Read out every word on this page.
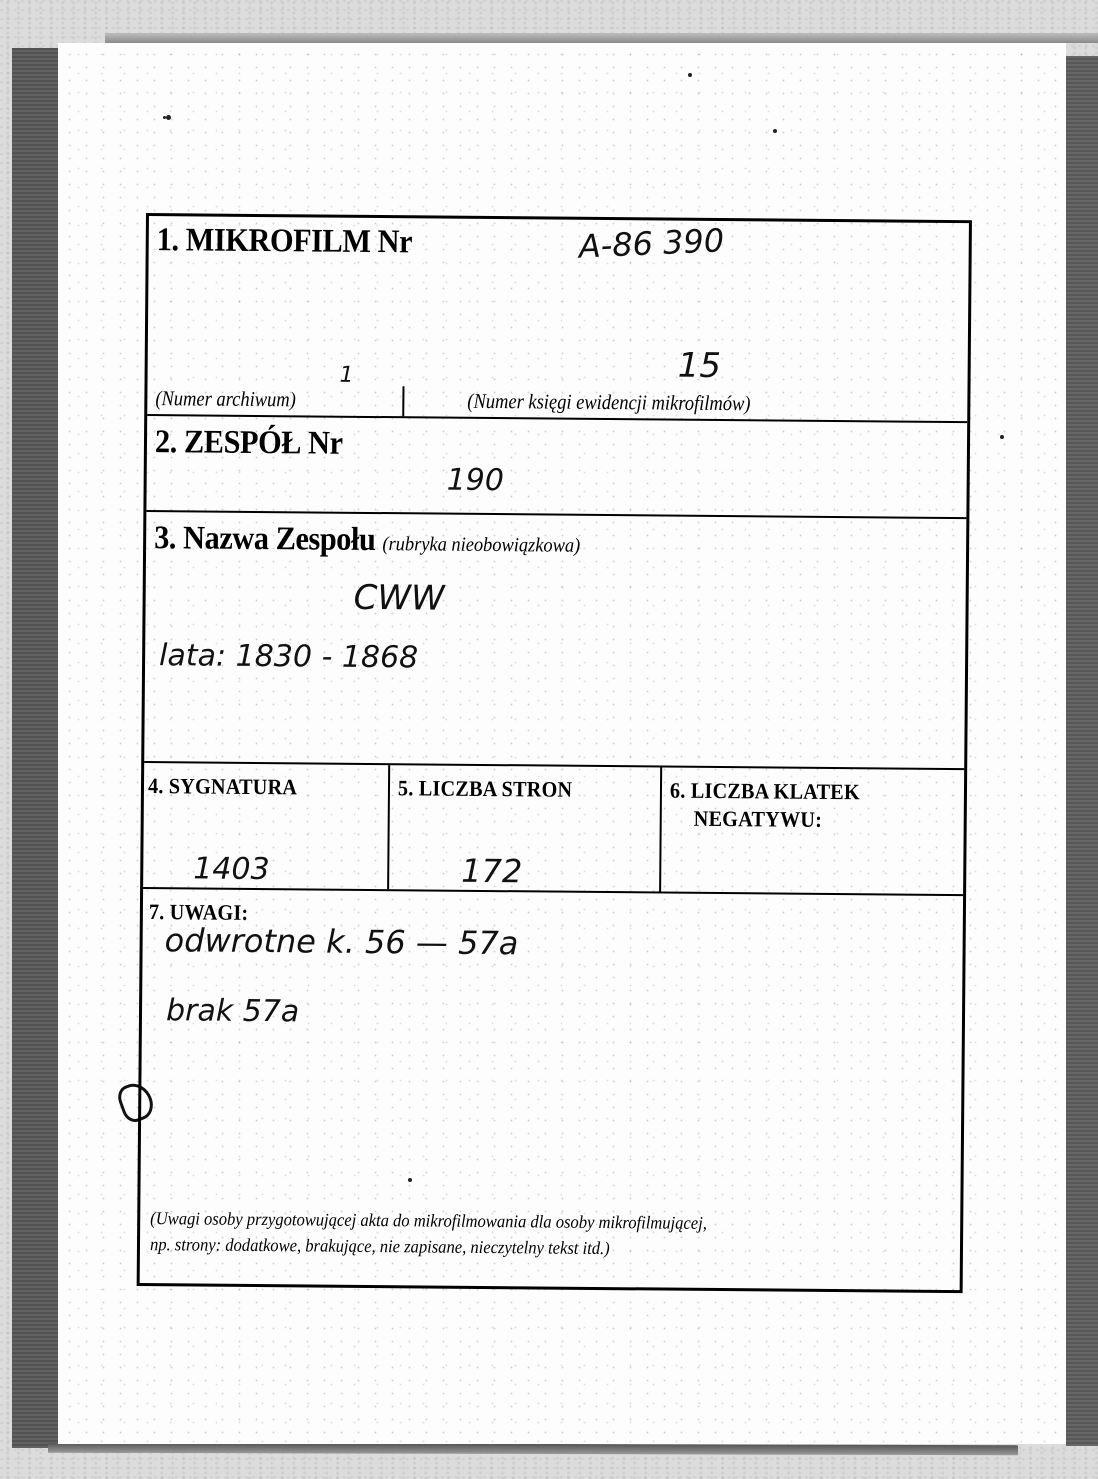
1. MIKROFILM Nr	A-86 390
1
(Numer archiwum)
15
(Numer księgi ewidencji mikrofilmów)
2. ZESPÓŁ Nr
190
3. Nazwa Zespołu (rubryka nieobowiązkowa)
CWW
lata: 1830 - 1868
4. SYGNATURA
1403
5. LICZBA STRON
172
6. LICZBA KLATEK
NEGATYWU:
7. UWAGI:
odwrotne k. 56 — 57a
brak 57a
(Uwagi osoby przygotowującej akta do mikrofilmowania dla osoby mikrofilmującej,
np. strony: dodatkowe, brakujące, nie zapisane, nieczytelny tekst itd.)
